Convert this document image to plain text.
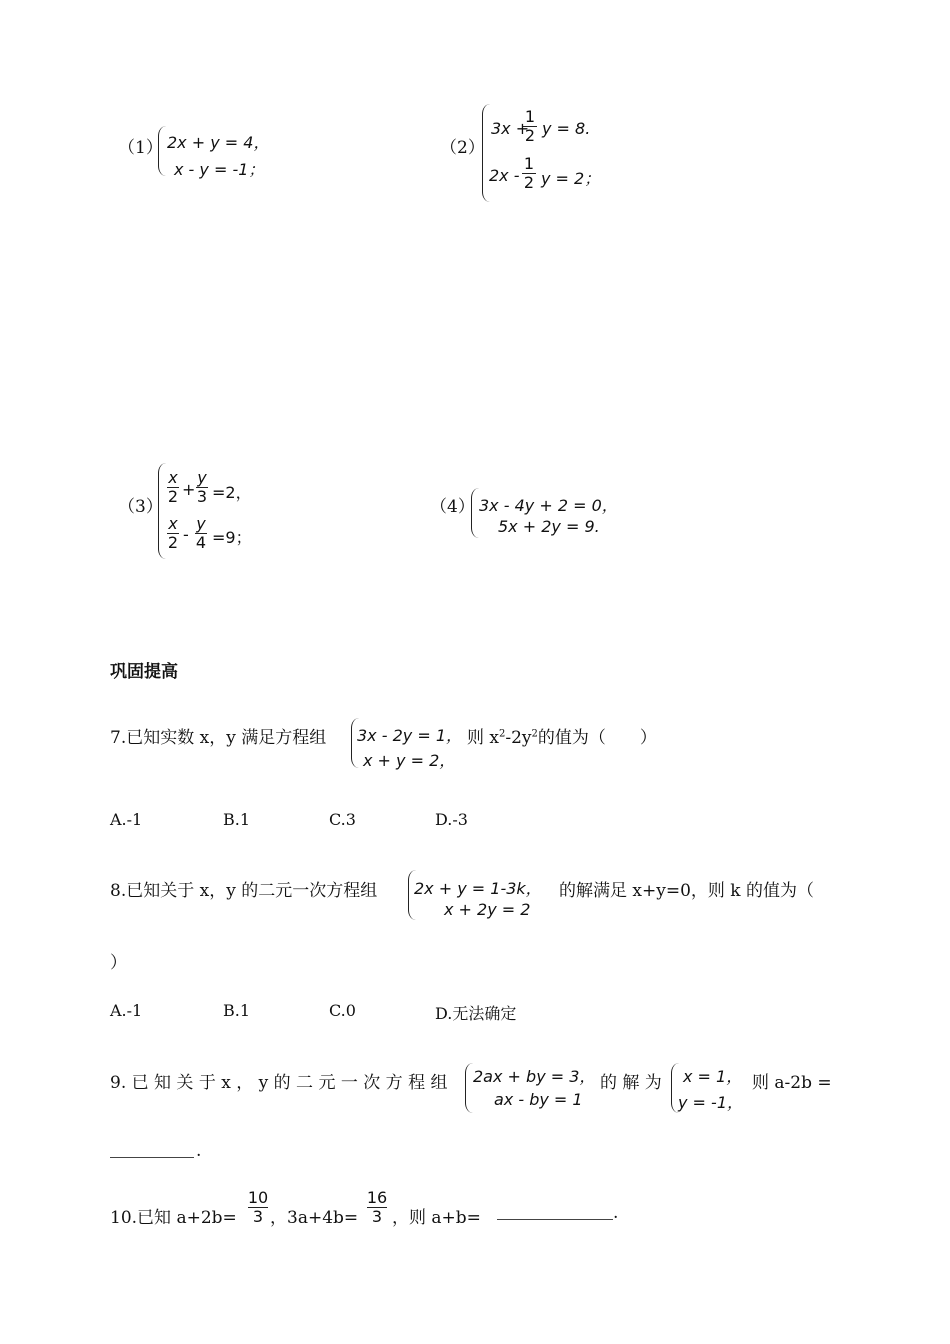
（1） 2x + y = 4，
x - y = -1；
（2）
3x +
1
2 y = 8.
2x -
1
2 y = 2；
（3）
x
2 +
y
3 =2，
x
2 -
y
4 =9；
（4） 3x - 4y + 2 = 0，
5x + 2y = 9.
巩固提高
7.已知实数 x，y 满足方程组 3x - 2y = 1，
x + y = 2，
则 $x^2-2y^2$的值为（　　）
A.-1	B.1	C.3	D.-3
8.已知关于 x，y 的二元一次方程组 2x + y = 1-3k，
x + 2y = 2
的解满足 x+y=0，则 k 的值为（
）
A.-1	B.1	C.0	D.无法确定
9. 已 知 关 于 x ， y 的 二 元 一 次 方 程 组 2ax + by = 3，
ax - by = 1
的 解 为 x = 1，
y = -1，
则 a-2b =
.
10.已知 a+2b=
10
3 ，3a+4b=
16
3 ，则 a+b=	.
